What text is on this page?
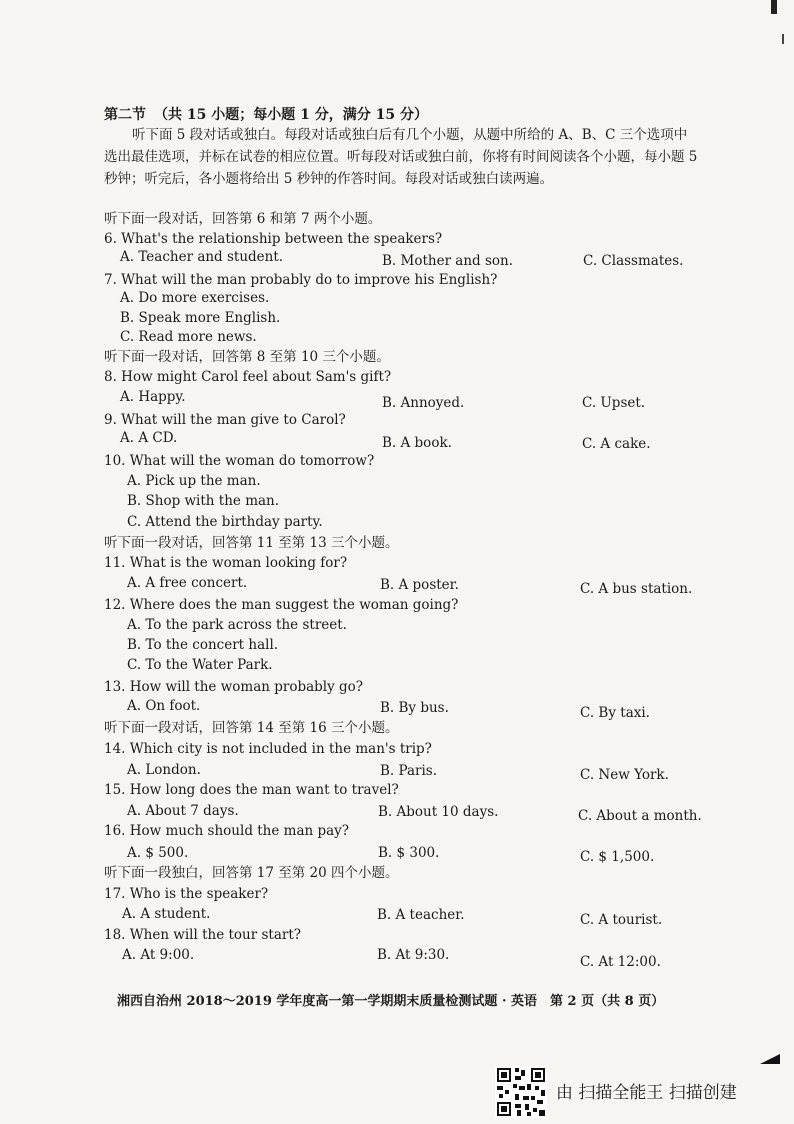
第二节 （共 15 小题；每小题 1 分，满分 15 分）
听下面 5 段对话或独白。每段对话或独白后有几个小题，从题中所给的 A、B、C 三个选项中选出最佳选项，并标在试卷的相应位置。听每段对话或独白前，你将有时间阅读各个小题，每小题 5 秒钟；听完后，各小题将给出 5 秒钟的作答时间。每段对话或独白读两遍。
听下面一段对话，回答第 6 和第 7 两个小题。
6. What's the relationship between the speakers?
A. Teacher and student.	B. Mother and son.	C. Classmates.
7. What will the man probably do to improve his English?
A. Do more exercises.
B. Speak more English.
C. Read more news.
听下面一段对话，回答第 8 至第 10 三个小题。
8. How might Carol feel about Sam's gift?
A. Happy.	B. Annoyed.	C. Upset.
9. What will the man give to Carol?
A. A CD.	B. A book.	C. A cake.
10. What will the woman do tomorrow?
A. Pick up the man.
B. Shop with the man.
C. Attend the birthday party.
听下面一段对话，回答第 11 至第 13 三个小题。
11. What is the woman looking for?
A. A free concert.	B. A poster.	C. A bus station.
12. Where does the man suggest the woman going?
A. To the park across the street.
B. To the concert hall.
C. To the Water Park.
13. How will the woman probably go?
A. On foot.	B. By bus.	C. By taxi.
听下面一段对话，回答第 14 至第 16 三个小题。
14. Which city is not included in the man's trip?
A. London.	B. Paris.	C. New York.
15. How long does the man want to travel?
A. About 7 days.	B. About 10 days.	C. About a month.
16. How much should the man pay?
A. $ 500.	B. $ 300.	C. $ 1,500.
听下面一段独白，回答第 17 至第 20 四个小题。
17. Who is the speaker?
A. A student.	B. A teacher.	C. A tourist.
18. When will the tour start?
A. At 9:00.	B. At 9:30.	C. At 12:00.
湘西自治州 2018～2019 学年度高一第一学期期末质量检测试题 · 英语　第 2 页（共 8 页）
由 扫描全能王 扫描创建
